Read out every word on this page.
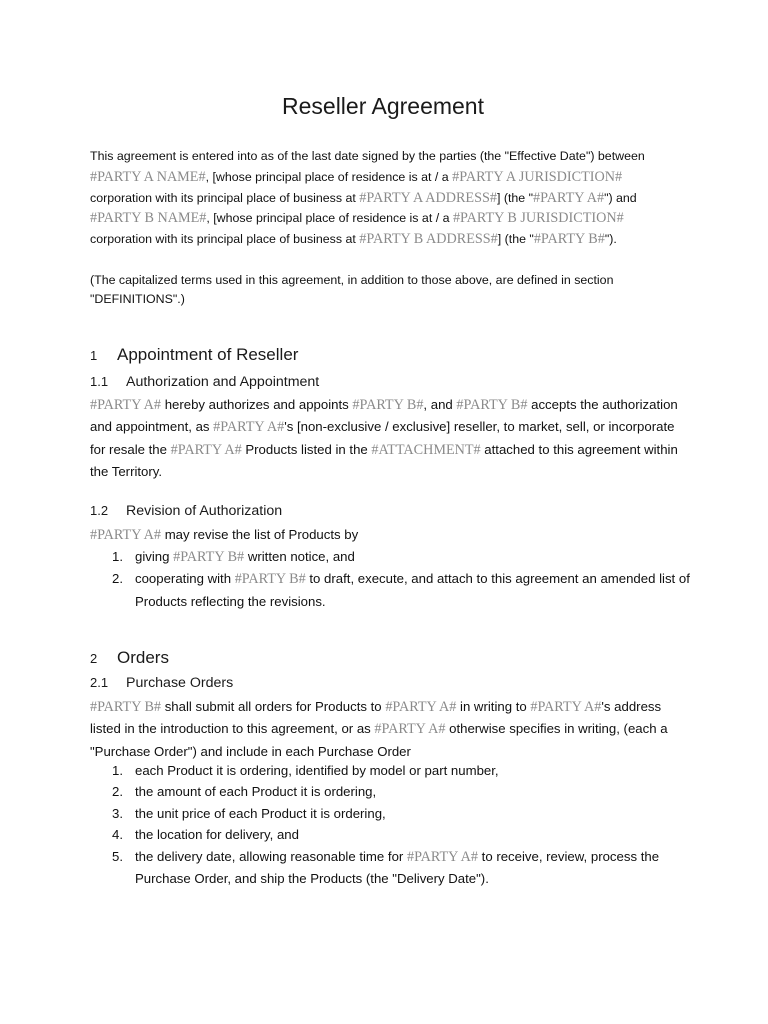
Reseller Agreement
This agreement is entered into as of the last date signed by the parties (the "Effective Date") between
#PARTY A NAME#, [whose principal place of residence is at / a #PARTY A JURISDICTION#
corporation with its principal place of business at #PARTY A ADDRESS#] (the "#PARTY A#") and
#PARTY B NAME#, [whose principal place of residence is at / a #PARTY B JURISDICTION#
corporation with its principal place of business at #PARTY B ADDRESS#] (the "#PARTY B#").
(The capitalized terms used in this agreement, in addition to those above, are defined in section "DEFINITIONS".)
1 Appointment of Reseller
1.1 Authorization and Appointment
#PARTY A# hereby authorizes and appoints #PARTY B#, and #PARTY B# accepts the authorization and appointment, as #PARTY A#'s [non-exclusive / exclusive] reseller, to market, sell, or incorporate for resale the #PARTY A# Products listed in the #ATTACHMENT# attached to this agreement within the Territory.
1.2 Revision of Authorization
#PARTY A# may revise the list of Products by
1. giving #PARTY B# written notice, and
2. cooperating with #PARTY B# to draft, execute, and attach to this agreement an amended list of Products reflecting the revisions.
2 Orders
2.1 Purchase Orders
#PARTY B# shall submit all orders for Products to #PARTY A# in writing to #PARTY A#'s address listed in the introduction to this agreement, or as #PARTY A# otherwise specifies in writing, (each a "Purchase Order") and include in each Purchase Order
1. each Product it is ordering, identified by model or part number,
2. the amount of each Product it is ordering,
3. the unit price of each Product it is ordering,
4. the location for delivery, and
5. the delivery date, allowing reasonable time for #PARTY A# to receive, review, process the Purchase Order, and ship the Products (the "Delivery Date").
